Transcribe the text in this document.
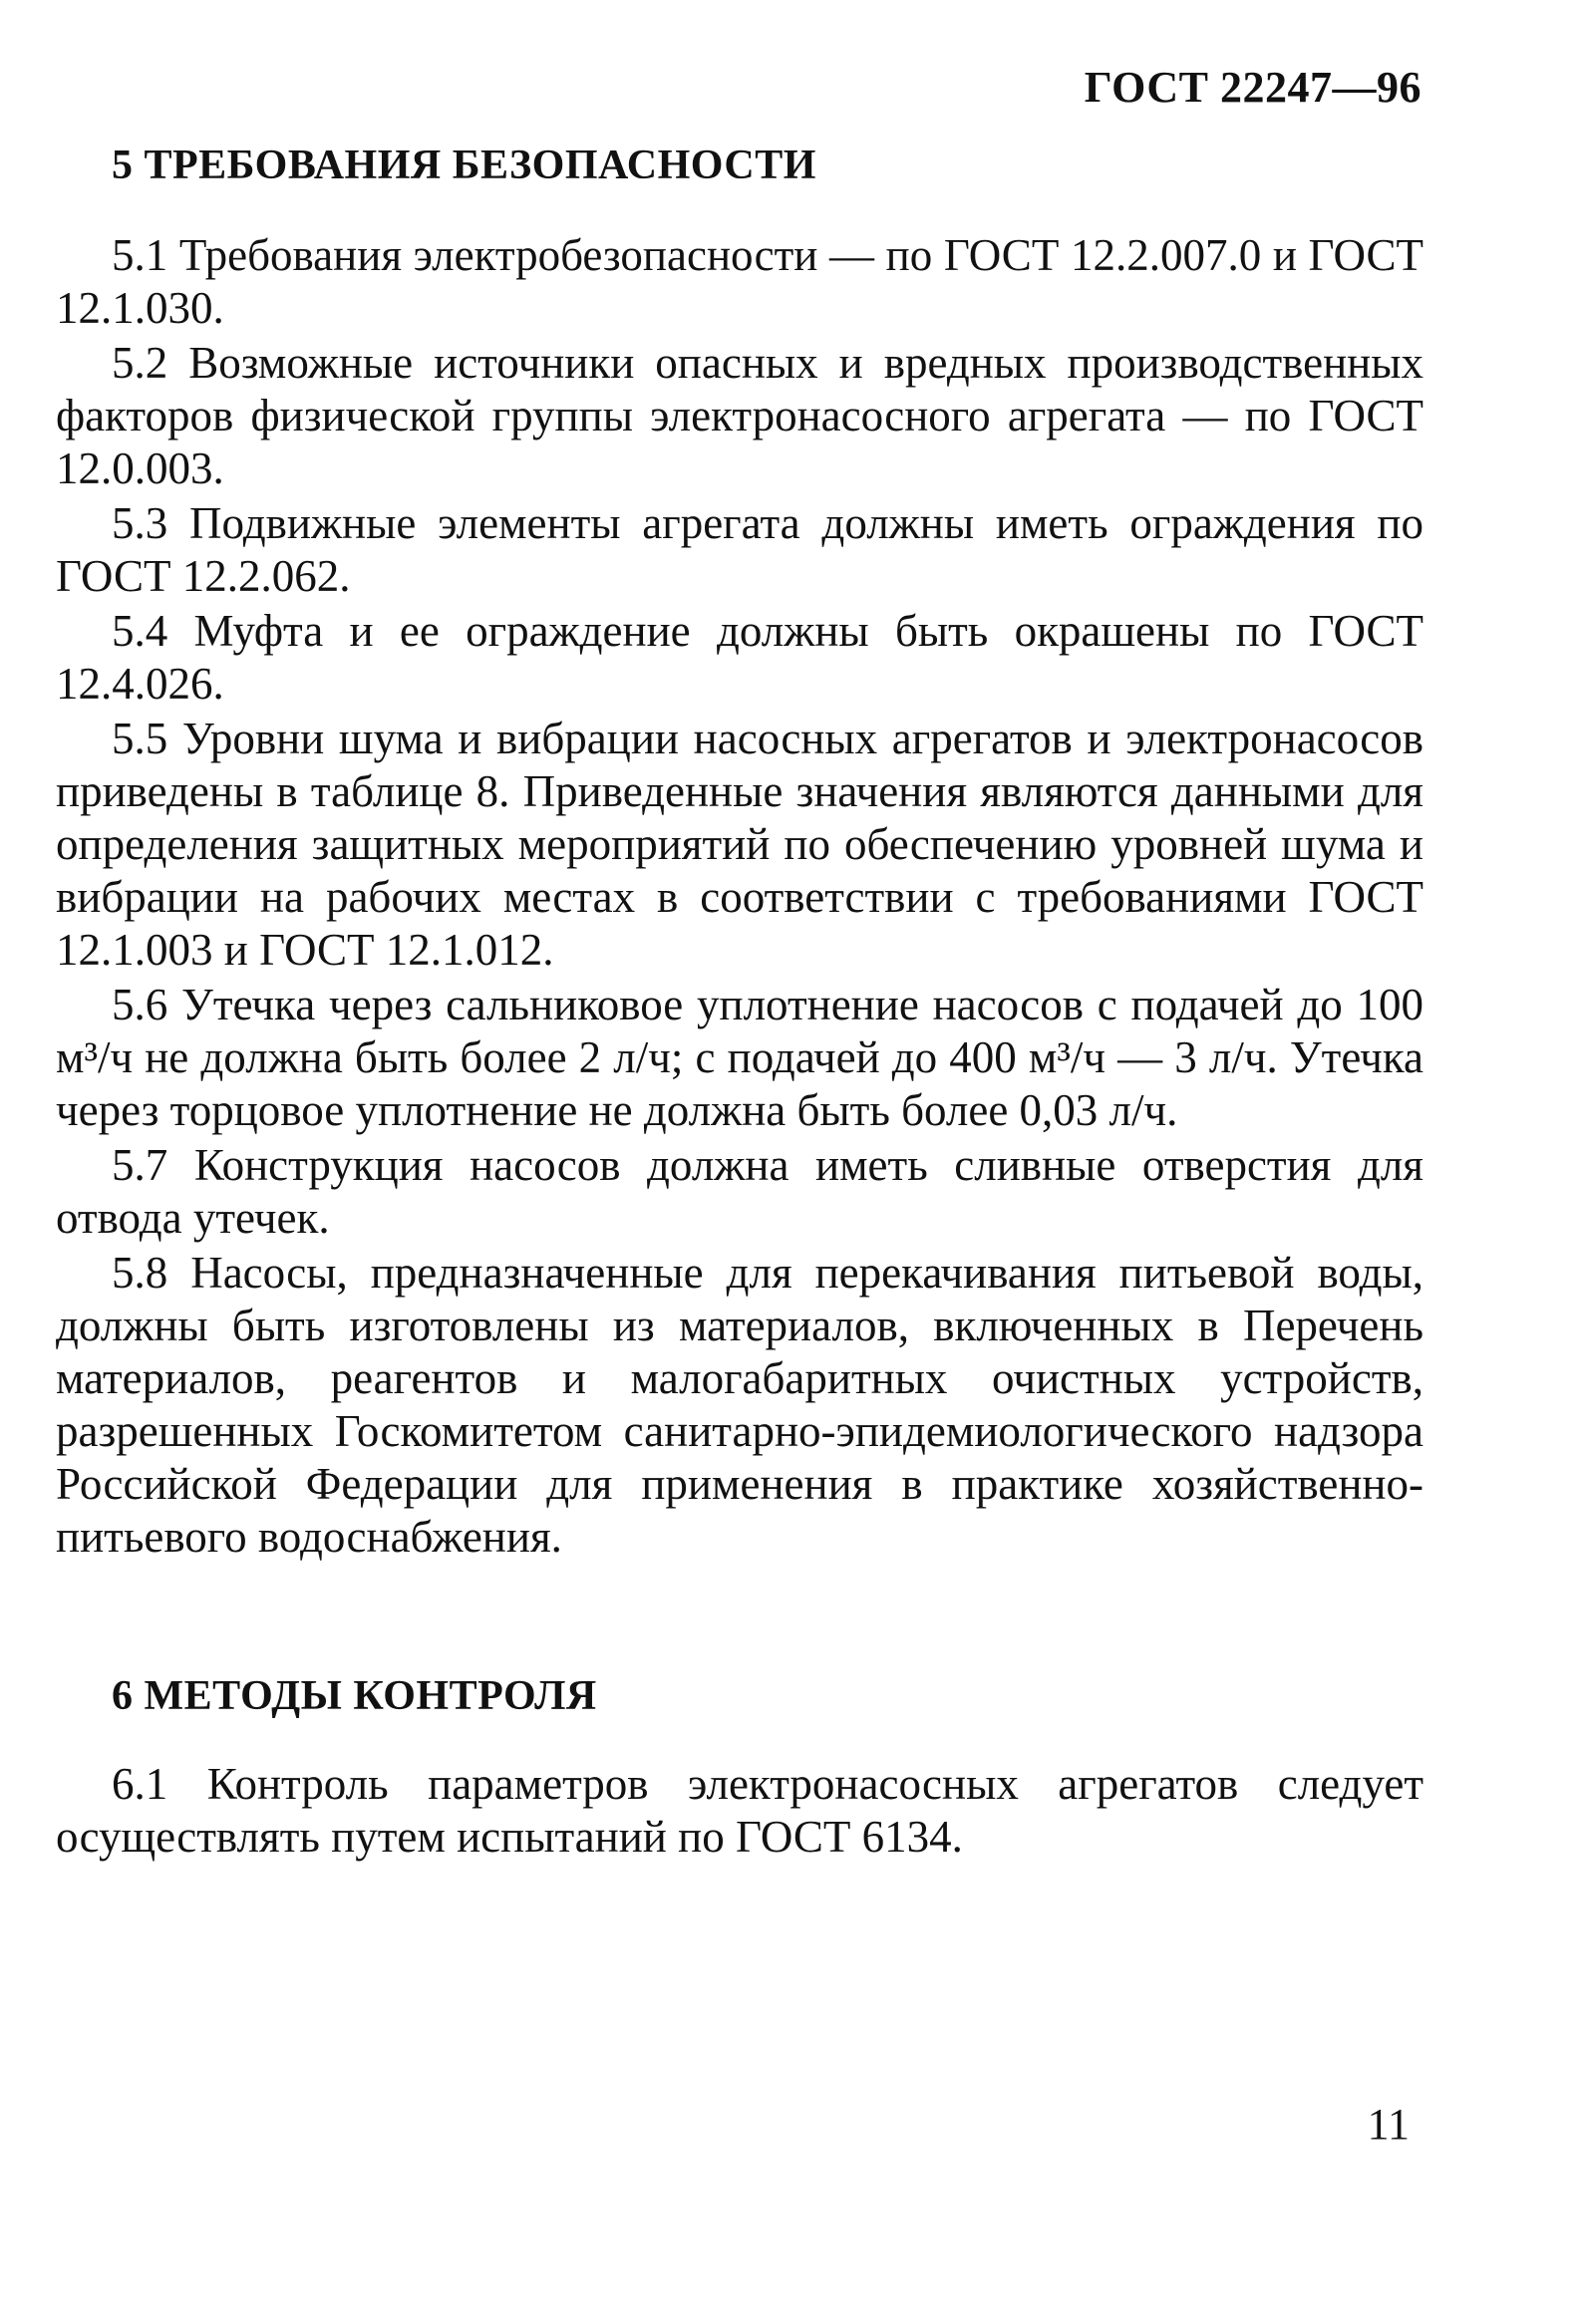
ГОСТ 22247—96
5 ТРЕБОВАНИЯ БЕЗОПАСНОСТИ

5.1 Требования электробезопасности — по ГОСТ 12.2.007.0 и ГОСТ 12.1.030.

5.2 Возможные источники опасных и вредных производственных факторов физической группы электронасосного агрегата — по ГОСТ 12.0.003.

5.3 Подвижные элементы агрегата должны иметь ограждения по ГОСТ 12.2.062.

5.4 Муфта и ее ограждение должны быть окрашены по ГОСТ 12.4.026.

5.5 Уровни шума и вибрации насосных агрегатов и электронасосов приведены в таблице 8. Приведенные значения являются данными для определения защитных мероприятий по обеспечению уровней шума и вибрации на рабочих местах в соответствии с требованиями ГОСТ 12.1.003 и ГОСТ 12.1.012.

5.6 Утечка через сальниковое уплотнение насосов с подачей до 100 м³/ч не должна быть более 2 л/ч; с подачей до 400 м³/ч — 3 л/ч. Утечка через торцовое уплотнение не должна быть более 0,03 л/ч.

5.7 Конструкция насосов должна иметь сливные отверстия для отвода утечек.

5.8 Насосы, предназначенные для перекачивания питьевой воды, должны быть изготовлены из материалов, включенных в Перечень материалов, реагентов и малогабаритных очистных устройств, разрешенных Госкомитетом санитарно-эпидемиологического надзора Российской Федерации для применения в практике хозяйственно-питьевого водоснабжения.

6 МЕТОДЫ КОНТРОЛЯ

6.1 Контроль параметров электронасосных агрегатов следует осуществлять путем испытаний по ГОСТ 6134.

11
